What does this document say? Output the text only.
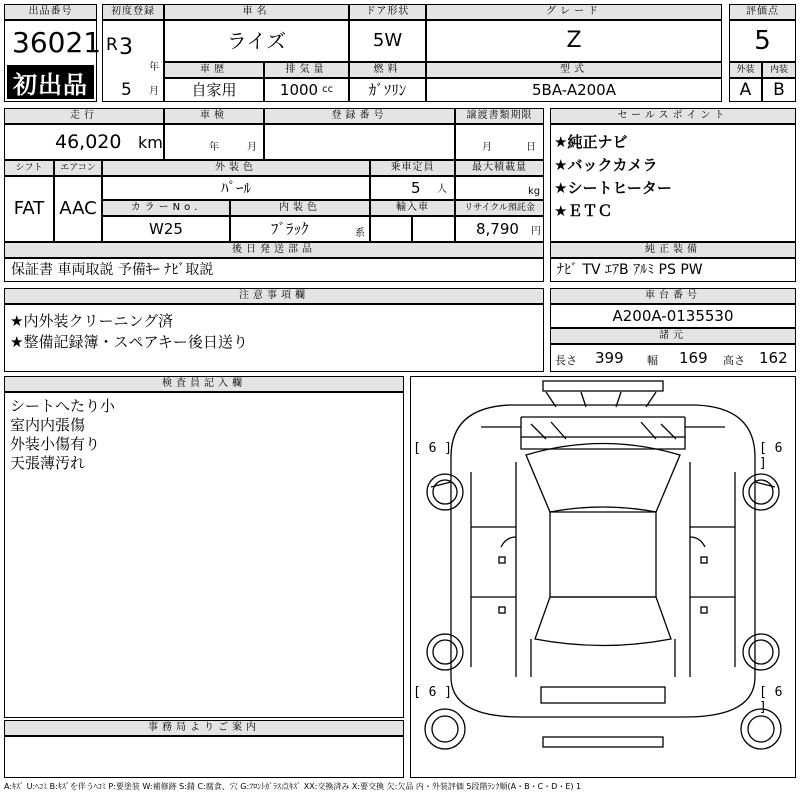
出品番号
36021
初出品
初度登録
R 3
年
5 月
車名
ライズ
ドア形状
5W
グレード
Z
評価点
5
車歴
自家用
排気量
1000 cc
燃料
ｶﾞｿﾘﾝ
型式
5BA-A200A
外装	内装
A B
走行
46,020 km
車検
年	月
登録番号	譲渡書類期限
月	日
セールスポイント
★純正ナビ
★バックカメラ
★シートヒーター
★ＥＴＣ
シフト	エアコン
FAT AAC
外装色
ﾊﾟｰﾙ
乗車定員
5 人
最大積載量
kg
カラーNo.
W25
内装色
ﾌﾞﾗｯｸ	系
輸入車	リサイクル預託金
8,790 円
後日発送部品
保証書 車両取説 予備ｷｰ ﾅﾋﾞ取説
純正装備
ﾅﾋﾞ TV ｴｱB ｱﾙﾐ PS PW
注意事項欄
★内外装クリーニング済
★整備記録簿・スペアキー後日送り
車台番号
A200A-0135530
諸元
長さ 399 幅 169 高さ 162
検査員記入欄
シートへたり小
室内内張傷
外装小傷有り
天張薄汚れ
事務局よりご案内
[ 6 ]	[ 6 ]
[ 6 ]	[ 6 ]
A:ｷｽﾞ U:ﾍｺﾐ B:ｷｽﾞを伴うﾍｺﾐ P:要塗装 W:補修跡 S:錆 C:腐食、穴 G:ﾌﾛﾝﾄｶﾞﾗｽ点ｷｽﾞ XX:交換済み X:要交換 欠:欠品 内・外装評価 5段階ﾗﾝｸ順(A・B・C・D・E) 1
